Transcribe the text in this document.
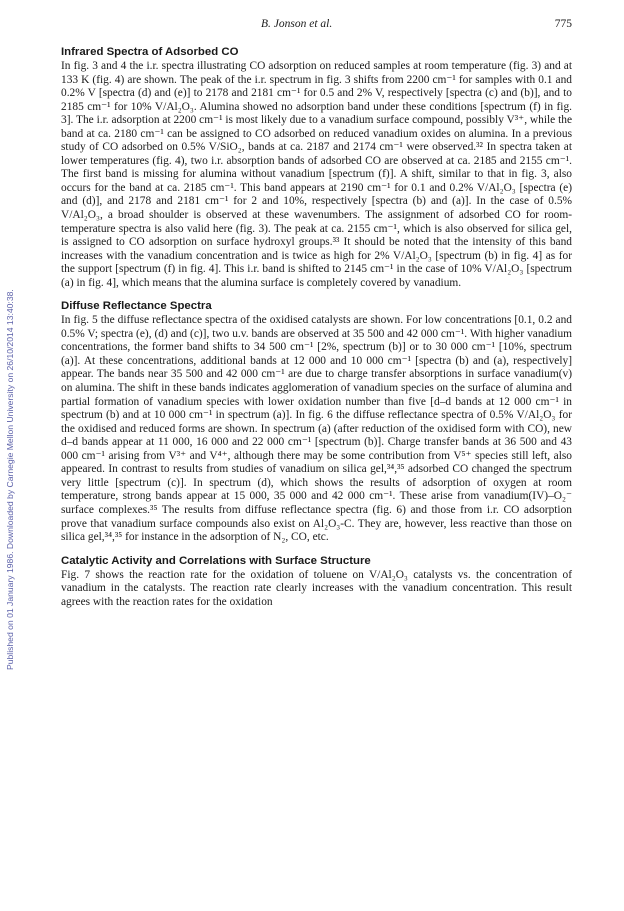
Published on 01 January 1986. Downloaded by Carnegie Mellon University on 26/10/2014 13:40:38.
B. Jonson et al.	775
Infrared Spectra of Adsorbed CO

In fig. 3 and 4 the i.r. spectra illustrating CO adsorption on reduced samples at room temperature (fig. 3) and at 133 K (fig. 4) are shown. The peak of the i.r. spectrum in fig. 3 shifts from 2200 cm⁻¹ for samples with 0.1 and 0.2% V [spectra (d) and (e)] to 2178 and 2181 cm⁻¹ for 0.5 and 2% V, respectively [spectra (c) and (b)], and to 2185 cm⁻¹ for 10% V/Al₂O₃. Alumina showed no adsorption band under these conditions [spectrum (f) in fig. 3]. The i.r. adsorption at 2200 cm⁻¹ is most likely due to a vanadium surface compound, possibly V³⁺, while the band at ca. 2180 cm⁻¹ can be assigned to CO adsorbed on reduced vanadium oxides on alumina. In a previous study of CO adsorbed on 0.5% V/SiO₂, bands at ca. 2187 and 2174 cm⁻¹ were observed.³² In spectra taken at lower temperatures (fig. 4), two i.r. absorption bands of adsorbed CO are observed at ca. 2185 and 2155 cm⁻¹. The first band is missing for alumina without vanadium [spectrum (f)]. A shift, similar to that in fig. 3, also occurs for the band at ca. 2185 cm⁻¹. This band appears at 2190 cm⁻¹ for 0.1 and 0.2% V/Al₂O₃ [spectra (e) and (d)], and 2178 and 2181 cm⁻¹ for 2 and 10%, respectively [spectra (b) and (a)]. In the case of 0.5% V/Al₂O₃, a broad shoulder is observed at these wavenumbers. The assignment of adsorbed CO for room-temperature spectra is also valid here (fig. 3). The peak at ca. 2155 cm⁻¹, which is also observed for silica gel, is assigned to CO adsorption on surface hydroxyl groups.³³ It should be noted that the intensity of this band increases with the vanadium concentration and is twice as high for 2% V/Al₂O₃ [spectrum (b) in fig. 4] as for the support [spectrum (f) in fig. 4]. This i.r. band is shifted to 2145 cm⁻¹ in the case of 10% V/Al₂O₃ [spectrum (a) in fig. 4], which means that the alumina surface is completely covered by vanadium.

Diffuse Reflectance Spectra

In fig. 5 the diffuse reflectance spectra of the oxidised catalysts are shown. For low concentrations [0.1, 0.2 and 0.5% V; spectra (e), (d) and (c)], two u.v. bands are observed at 35 500 and 42 000 cm⁻¹. With higher vanadium concentrations, the former band shifts to 34 500 cm⁻¹ [2%, spectrum (b)] or to 30 000 cm⁻¹ [10%, spectrum (a)]. At these concentrations, additional bands at 12 000 and 10 000 cm⁻¹ [spectra (b) and (a), respectively] appear. The bands near 35 500 and 42 000 cm⁻¹ are due to charge transfer absorptions in surface vanadium(v) on alumina. The shift in these bands indicates agglomeration of vanadium species on the surface of alumina and partial formation of vanadium species with lower oxidation number than five [d–d bands at 12 000 cm⁻¹ in spectrum (b) and at 10 000 cm⁻¹ in spectrum (a)]. In fig. 6 the diffuse reflectance spectra of 0.5% V/Al₂O₃ for the oxidised and reduced forms are shown. In spectrum (a) (after reduction of the oxidised form with CO), new d–d bands appear at 11 000, 16 000 and 22 000 cm⁻¹ [spectrum (b)]. Charge transfer bands at 36 500 and 43 000 cm⁻¹ arising from V³⁺ and V⁴⁺, although there may be some contribution from V⁵⁺ species still left, also appeared. In contrast to results from studies of vanadium on silica gel,³⁴,³⁵ adsorbed CO changed the spectrum very little [spectrum (c)]. In spectrum (d), which shows the results of adsorption of oxygen at room temperature, strong bands appear at 15 000, 35 000 and 42 000 cm⁻¹. These arise from vanadium(IV)–O₂⁻ surface complexes.³⁵ The results from diffuse reflectance spectra (fig. 6) and those from i.r. CO adsorption prove that vanadium surface compounds also exist on Al₂O₃-C. They are, however, less reactive than those on silica gel,³⁴,³⁵ for instance in the adsorption of N₂, CO, etc.

Catalytic Activity and Correlations with Surface Structure

Fig. 7 shows the reaction rate for the oxidation of toluene on V/Al₂O₃ catalysts vs. the concentration of vanadium in the catalysts. The reaction rate clearly increases with the vanadium concentration. This result agrees with the reaction rates for the oxidation
